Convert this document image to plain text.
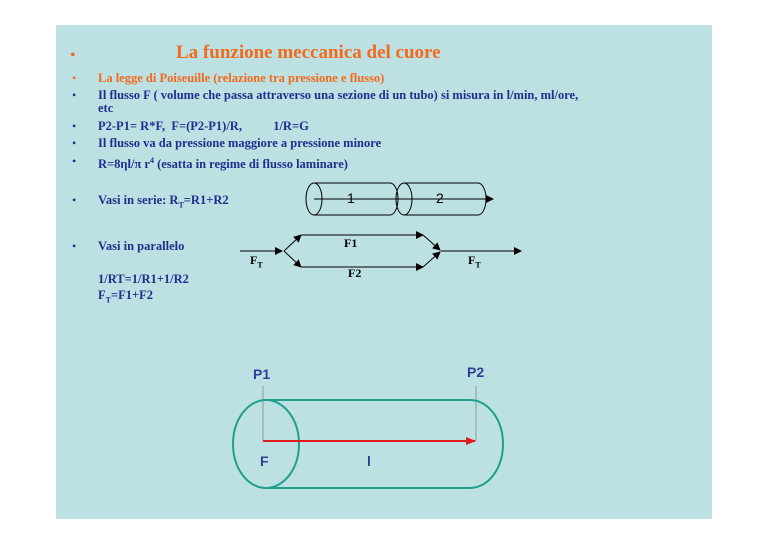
•	La funzione meccanica del cuore
• La legge di Poiseuille (relazione tra pressione e flusso)
• Il flusso F ( volume che passa attraverso una sezione di un tubo) si misura in l/min, ml/ore,
etc
• P2-P1= R*F,  F=(P2-P1)/R,          1/R=G
• Il flusso va da pressione maggiore a pressione minore
• R=8ηl/π $r^4$ (esatta in regime di flusso laminare)
• Vasi in serie: $R_T=R1+R2$
• Vasi in parallelo
1/RT=1/R1+1/R2
$F_T=F1+F2$
1	2
F1
F2
$F_T$	$F_T$
P1	P2
F	l
